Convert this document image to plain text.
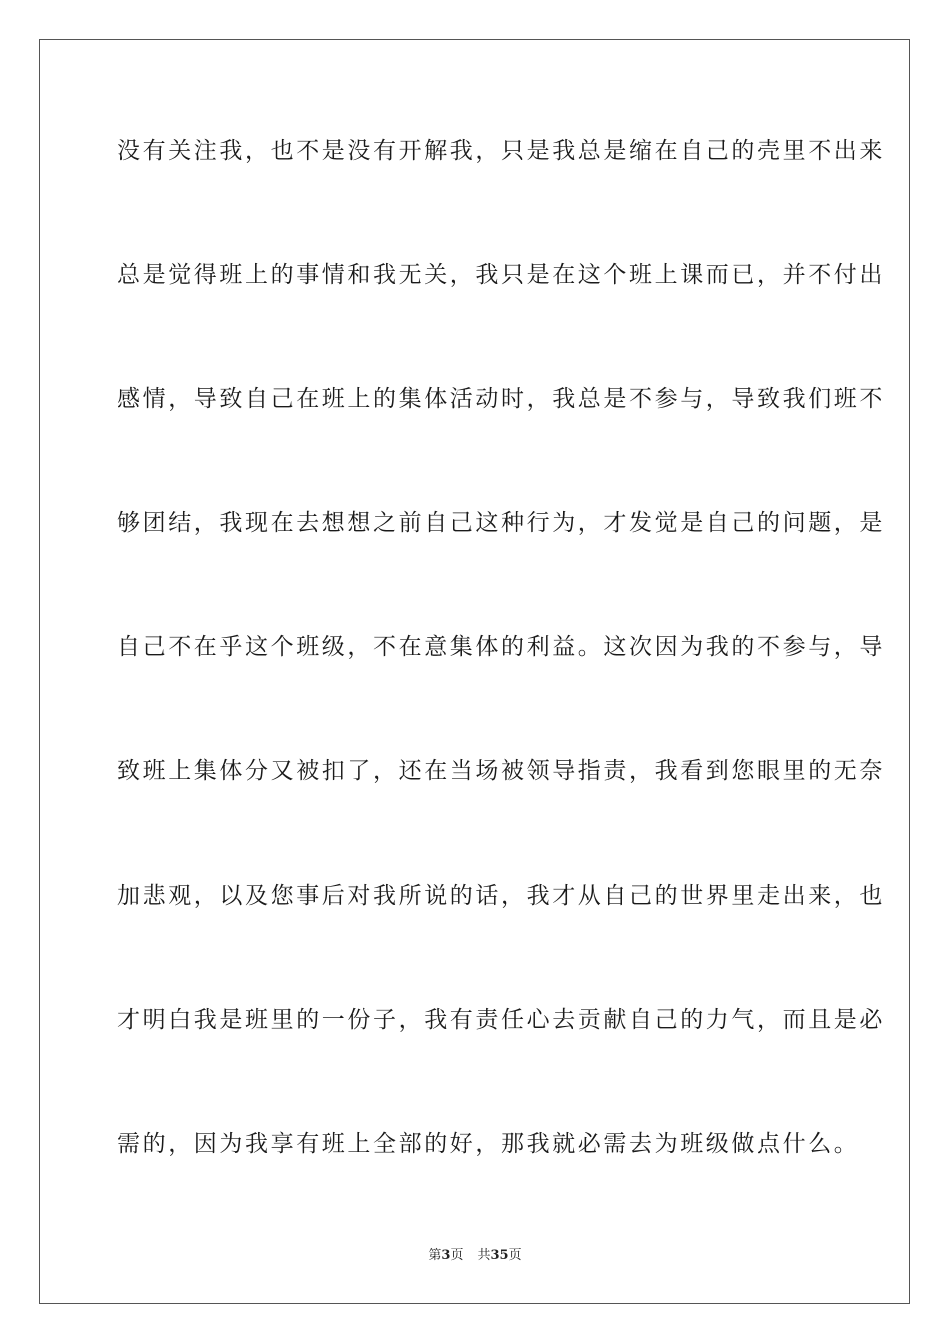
没有关注我，也不是没有开解我，只是我总是缩在自己的壳里不出来
总是觉得班上的事情和我无关，我只是在这个班上课而已，并不付出
感情，导致自己在班上的集体活动时，我总是不参与，导致我们班不
够团结，我现在去想想之前自己这种行为，才发觉是自己的问题，是
自己不在乎这个班级，不在意集体的利益。这次因为我的不参与，导
致班上集体分又被扣了，还在当场被领导指责，我看到您眼里的无奈
加悲观，以及您事后对我所说的话，我才从自己的世界里走出来，也
才明白我是班里的一份子，我有责任心去贡献自己的力气，而且是必
需的，因为我享有班上全部的好，那我就必需去为班级做点什么。
第3页 共35页
